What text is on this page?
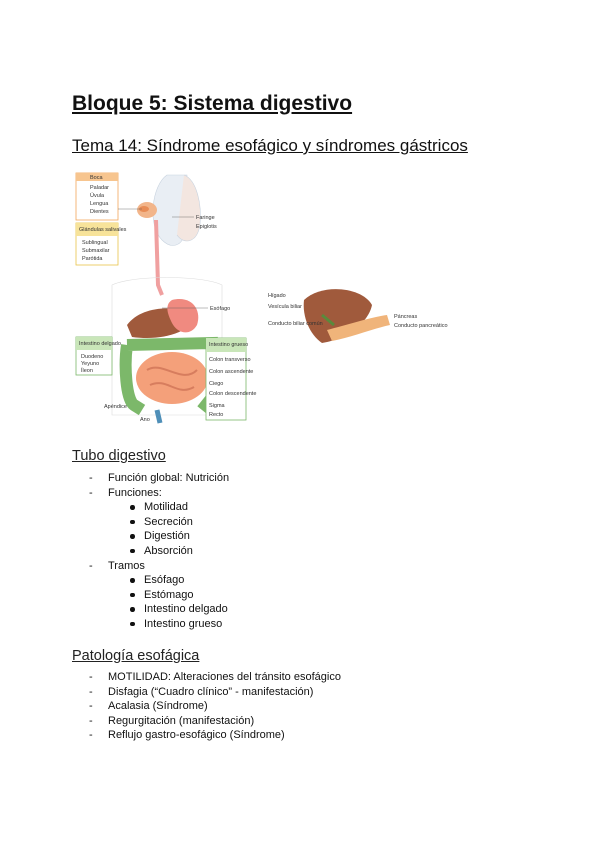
Bloque 5: Sistema digestivo
Tema 14: Síndrome esofágico y síndromes gástricos
Boca
Paladar
Úvula
Lengua
Dientes
Glándulas salivales
Sublingual
Submaxilar
Parótida
Faringe
Epiglotis
Esófago
Intestino delgado
Duodeno
Yeyuno
Íleon
Intestino grueso
Colon transverso
Colon ascendente
Ciego
Colon descendente
Sigma
Recto
Apéndice
Ano
Hígado
Vesícula biliar
Conducto biliar común
Páncreas
Conducto pancreático
Tubo digestivo
- Función global: Nutrición
- Funciones:
Motilidad
Secreción
Digestión
Absorción
- Tramos
Esófago
Estómago
Intestino delgado
Intestino grueso
Patología esofágica
- MOTILIDAD: Alteraciones del tránsito esofágico
- Disfagia (“Cuadro clínico” - manifestación)
- Acalasia (Síndrome)
- Regurgitación (manifestación)
- Reflujo gastro-esofágico (Síndrome)
